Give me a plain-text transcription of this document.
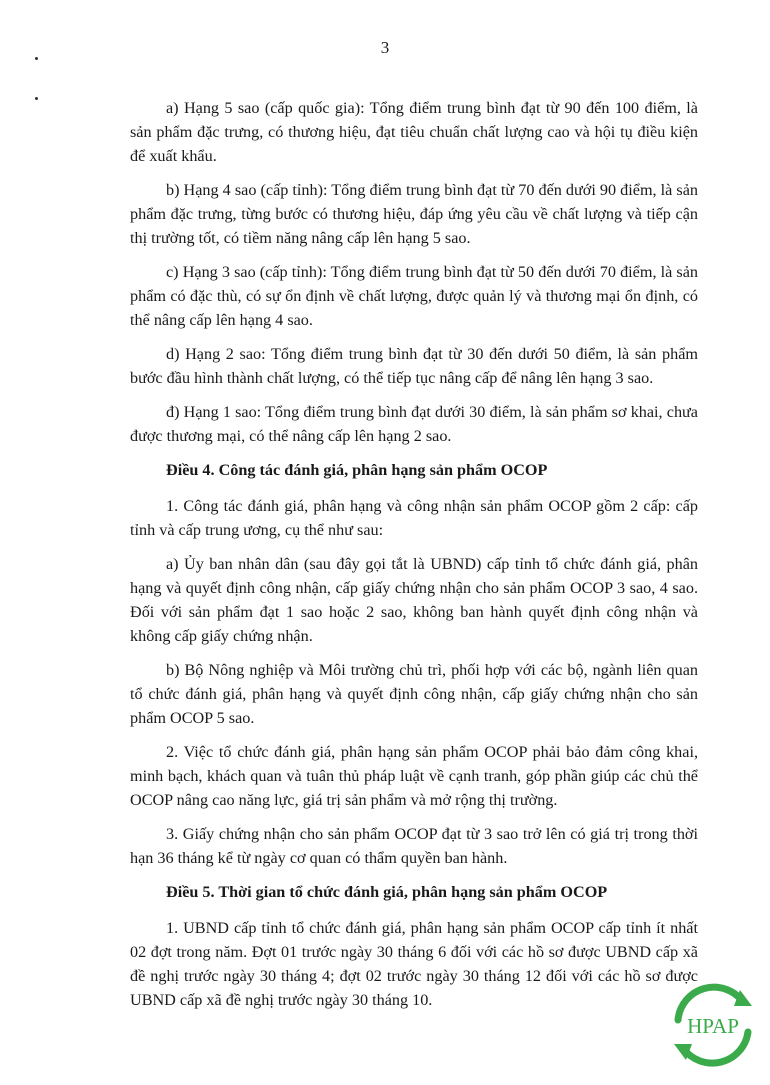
3

a) Hạng 5 sao (cấp quốc gia): Tổng điểm trung bình đạt từ 90 đến 100 điểm, là sản phẩm đặc trưng, có thương hiệu, đạt tiêu chuẩn chất lượng cao và hội tụ điều kiện để xuất khẩu.

b) Hạng 4 sao (cấp tỉnh): Tổng điểm trung bình đạt từ 70 đến dưới 90 điểm, là sản phẩm đặc trưng, từng bước có thương hiệu, đáp ứng yêu cầu về chất lượng và tiếp cận thị trường tốt, có tiềm năng nâng cấp lên hạng 5 sao.

c) Hạng 3 sao (cấp tỉnh): Tổng điểm trung bình đạt từ 50 đến dưới 70 điểm, là sản phẩm có đặc thù, có sự ổn định về chất lượng, được quản lý và thương mại ổn định, có thể nâng cấp lên hạng 4 sao.

d) Hạng 2 sao: Tổng điểm trung bình đạt từ 30 đến dưới 50 điểm, là sản phẩm bước đầu hình thành chất lượng, có thể tiếp tục nâng cấp để nâng lên hạng 3 sao.

đ) Hạng 1 sao: Tổng điểm trung bình đạt dưới 30 điểm, là sản phẩm sơ khai, chưa được thương mại, có thể nâng cấp lên hạng 2 sao.

Điều 4. Công tác đánh giá, phân hạng sản phẩm OCOP

1. Công tác đánh giá, phân hạng và công nhận sản phẩm OCOP gồm 2 cấp: cấp tỉnh và cấp trung ương, cụ thể như sau:

a) Ủy ban nhân dân (sau đây gọi tắt là UBND) cấp tỉnh tổ chức đánh giá, phân hạng và quyết định công nhận, cấp giấy chứng nhận cho sản phẩm OCOP 3 sao, 4 sao. Đối với sản phẩm đạt 1 sao hoặc 2 sao, không ban hành quyết định công nhận và không cấp giấy chứng nhận.

b) Bộ Nông nghiệp và Môi trường chủ trì, phối hợp với các bộ, ngành liên quan tổ chức đánh giá, phân hạng và quyết định công nhận, cấp giấy chứng nhận cho sản phẩm OCOP 5 sao.

2. Việc tổ chức đánh giá, phân hạng sản phẩm OCOP phải bảo đảm công khai, minh bạch, khách quan và tuân thủ pháp luật về cạnh tranh, góp phần giúp các chủ thể OCOP nâng cao năng lực, giá trị sản phẩm và mở rộng thị trường.

3. Giấy chứng nhận cho sản phẩm OCOP đạt từ 3 sao trở lên có giá trị trong thời hạn 36 tháng kể từ ngày cơ quan có thẩm quyền ban hành.

Điều 5. Thời gian tổ chức đánh giá, phân hạng sản phẩm OCOP

1. UBND cấp tỉnh tổ chức đánh giá, phân hạng sản phẩm OCOP cấp tỉnh ít nhất 02 đợt trong năm. Đợt 01 trước ngày 30 tháng 6 đối với các hồ sơ được UBND cấp xã đề nghị trước ngày 30 tháng 4; đợt 02 trước ngày 30 tháng 12 đối với các hồ sơ được UBND cấp xã đề nghị trước ngày 30 tháng 10.

HPAP
